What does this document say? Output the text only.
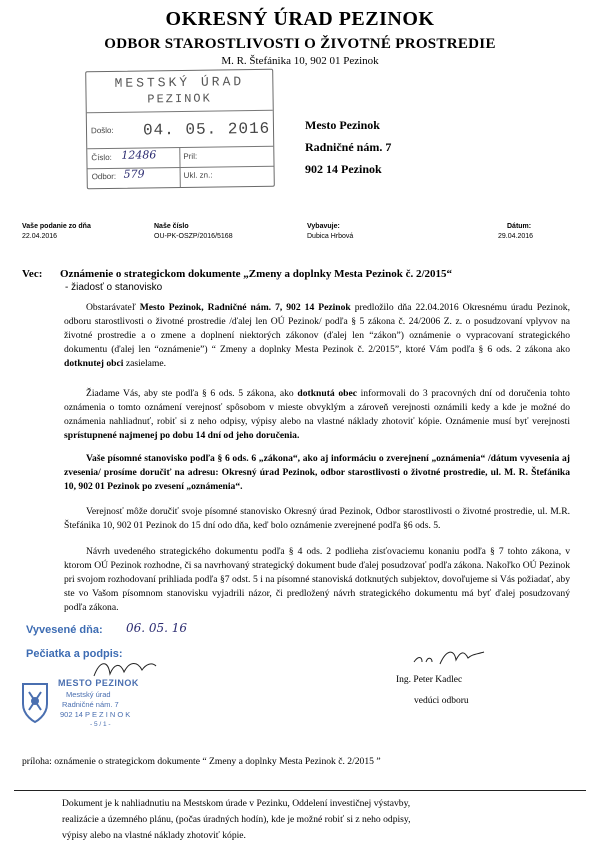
OKRESNÝ ÚRAD PEZINOK
ODBOR STAROSTLIVOSTI O ŽIVOTNÉ PROSTREDIE
M. R. Štefánika 10, 902 01 Pezinok
MESTSKÝ ÚRAD
PEZINOK
Došlo: 04. 05. 2016
Číslo: 12486	Pril:
Odbor: 579	Ukl. zn.:
Mesto Pezinok
Radničné nám. 7
902 14 Pezinok
Vaše podanie zo dňa
22.04.2016
Naše číslo
OU-PK-OSZP/2016/5168
Vybavuje:
Dubica Hrbová
Dátum:
29.04.2016
Vec: Oznámenie o strategickom dokumente „Zmeny a doplnky Mesta Pezinok č. 2/2015“
- žiadosť o stanovisko
Obstarávateľ Mesto Pezinok, Radničné nám. 7, 902 14 Pezinok predložilo dňa 22.04.2016 Okresnému úradu Pezinok, odboru starostlivosti o životné prostredie /ďalej len OÚ Pezinok/ podľa § 5 zákona č. 24/2006 Z. z. o posudzovaní vplyvov na životné prostredie a o zmene a doplnení niektorých zákonov (ďalej len “zákon”) oznámenie o vypracovaní strategického dokumentu (ďalej len “oznámenie”) “ Zmeny a doplnky Mesta Pezinok č. 2/2015”, ktoré Vám podľa § 6 ods. 2 zákona ako dotknutej obci zasielame.
Žiadame Vás, aby ste podľa § 6 ods. 5 zákona, ako dotknutá obec informovali do 3 pracovných dní od doručenia tohto oznámenia o tomto oznámení verejnosť spôsobom v mieste obvyklým a zároveň verejnosti oznámili kedy a kde je možné do oznámenia nahliadnuť, robiť si z neho odpisy, výpisy alebo na vlastné náklady zhotoviť kópie. Oznámenie musí byť verejnosti sprístupnené najmenej po dobu 14 dní od jeho doručenia.
Vaše písomné stanovisko podľa § 6 ods. 6 „zákona“, ako aj informáciu o zverejnení „oznámenia“ /dátum vyvesenia aj zvesenia/ prosíme doručiť na adresu: Okresný úrad Pezinok, odbor starostlivosti o životné prostredie, ul. M. R. Štefánika 10, 902 01 Pezinok po zvesení „oznámenia“.
Verejnosť môže doručiť svoje písomné stanovisko Okresný úrad Pezinok, Odbor starostlivosti o životné prostredie, ul. M.R. Štefánika 10, 902 01 Pezinok do 15 dní odo dňa, keď bolo oznámenie zverejnené podľa §6 ods. 5.
Návrh uvedeného strategického dokumentu podľa § 4 ods. 2 podlieha zisťovaciemu konaniu podľa § 7 tohto zákona, v ktorom OÚ Pezinok rozhodne, či sa navrhovaný strategický dokument bude ďalej posudzovať podľa zákona. Nakoľko OÚ Pezinok pri svojom rozhodovaní prihliada podľa §7 odst. 5 i na písomné stanoviská dotknutých subjektov, dovoľujeme si Vás požiadať, aby ste vo Vašom písomnom stanovisku vyjadrili názor, či predložený návrh strategického dokumentu má byť ďalej posudzovaný podľa zákona.
Vyvesené dňa: 06. 05. 16
Pečiatka a podpis:
MESTO PEZINOK
Mestský úrad
Radničné nám. 7
902 14 P E Z I N O K
- 5 / 1 -
Ing. Peter Kadlec
vedúci odboru
príloha: oznámenie o strategickom dokumente “ Zmeny a doplnky Mesta Pezinok č. 2/2015 ”
Dokument je k nahliadnutiu na Mestskom úrade v Pezinku, Oddelení investičnej výstavby,
realizácie a územného plánu, (počas úradných hodín), kde je možné robiť si z neho odpisy,
výpisy alebo na vlastné náklady zhotoviť kópie.
